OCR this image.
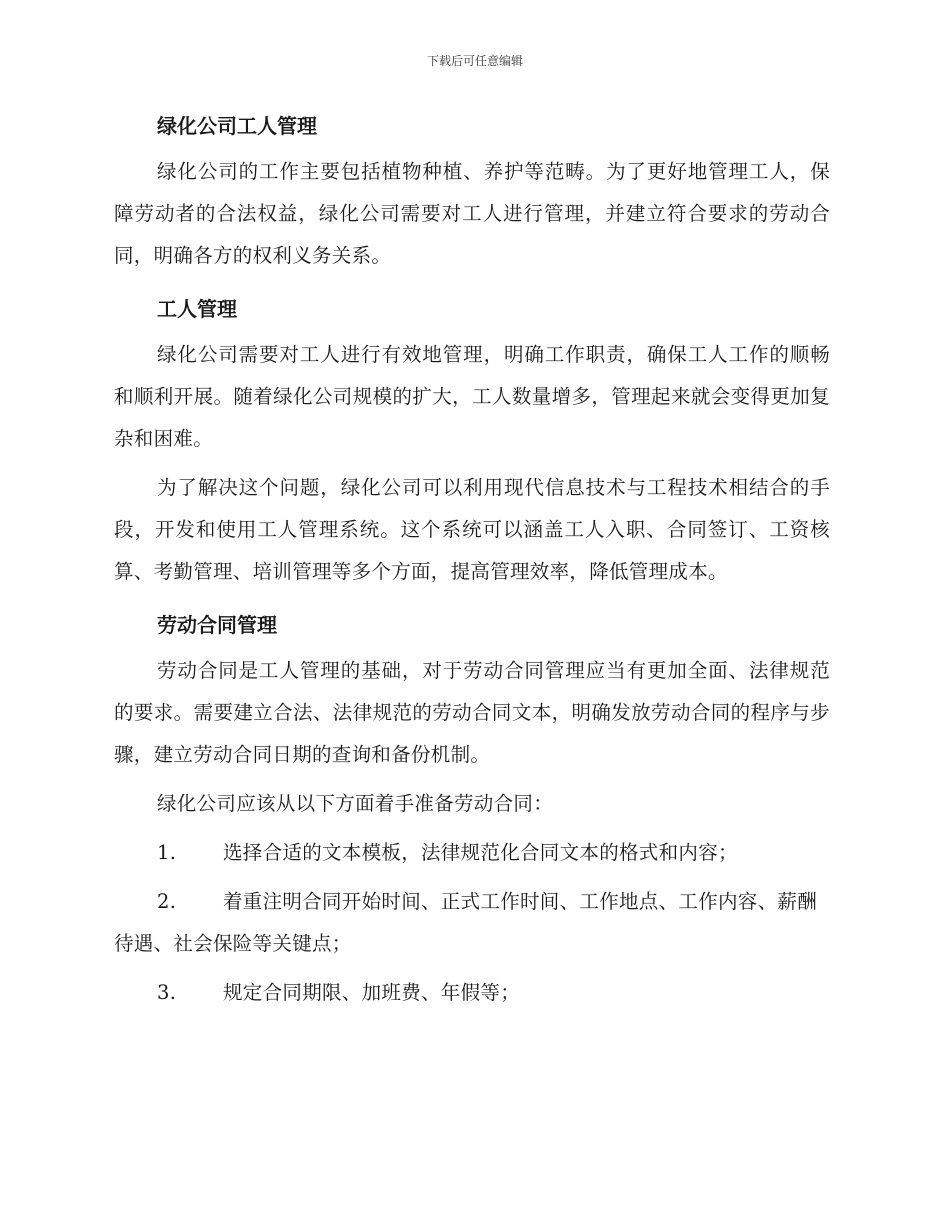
下载后可任意编辑
绿化公司工人管理

绿化公司的工作主要包括植物种植、养护等范畴。为了更好地管理工人，保障劳动者的合法权益，绿化公司需要对工人进行管理，并建立符合要求的劳动合同，明确各方的权利义务关系。

工人管理

绿化公司需要对工人进行有效地管理，明确工作职责，确保工人工作的顺畅和顺利开展。随着绿化公司规模的扩大，工人数量增多，管理起来就会变得更加复杂和困难。

为了解决这个问题，绿化公司可以利用现代信息技术与工程技术相结合的手段，开发和使用工人管理系统。这个系统可以涵盖工人入职、合同签订、工资核算、考勤管理、培训管理等多个方面，提高管理效率，降低管理成本。

劳动合同管理

劳动合同是工人管理的基础，对于劳动合同管理应当有更加全面、法律规范的要求。需要建立合法、法律规范的劳动合同文本，明确发放劳动合同的程序与步骤，建立劳动合同日期的查询和备份机制。

绿化公司应该从以下方面着手准备劳动合同：

1. 选择合适的文本模板，法律规范化合同文本的格式和内容；

2. 着重注明合同开始时间、正式工作时间、工作地点、工作内容、薪酬待遇、社会保险等关键点；

3. 规定合同期限、加班费、年假等；
